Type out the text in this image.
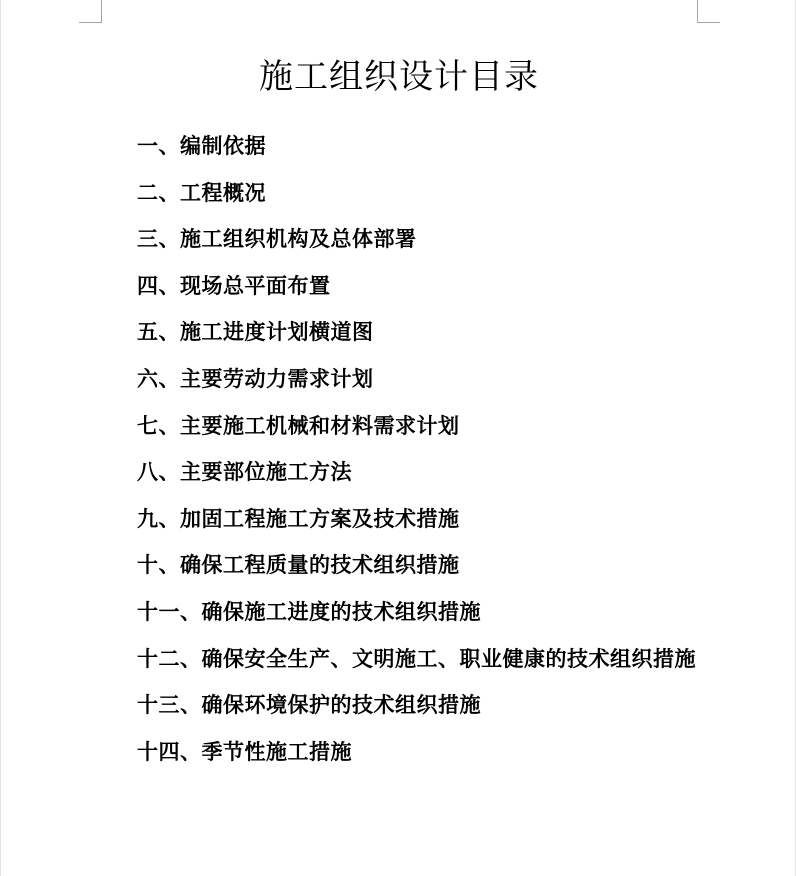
施工组织设计目录
一、编制依据
二、工程概况
三、施工组织机构及总体部署
四、现场总平面布置
五、施工进度计划横道图
六、主要劳动力需求计划
七、主要施工机械和材料需求计划
八、主要部位施工方法
九、加固工程施工方案及技术措施
十、确保工程质量的技术组织措施
十一、确保施工进度的技术组织措施
十二、确保安全生产、文明施工、职业健康的技术组织措施
十三、确保环境保护的技术组织措施
十四、季节性施工措施
